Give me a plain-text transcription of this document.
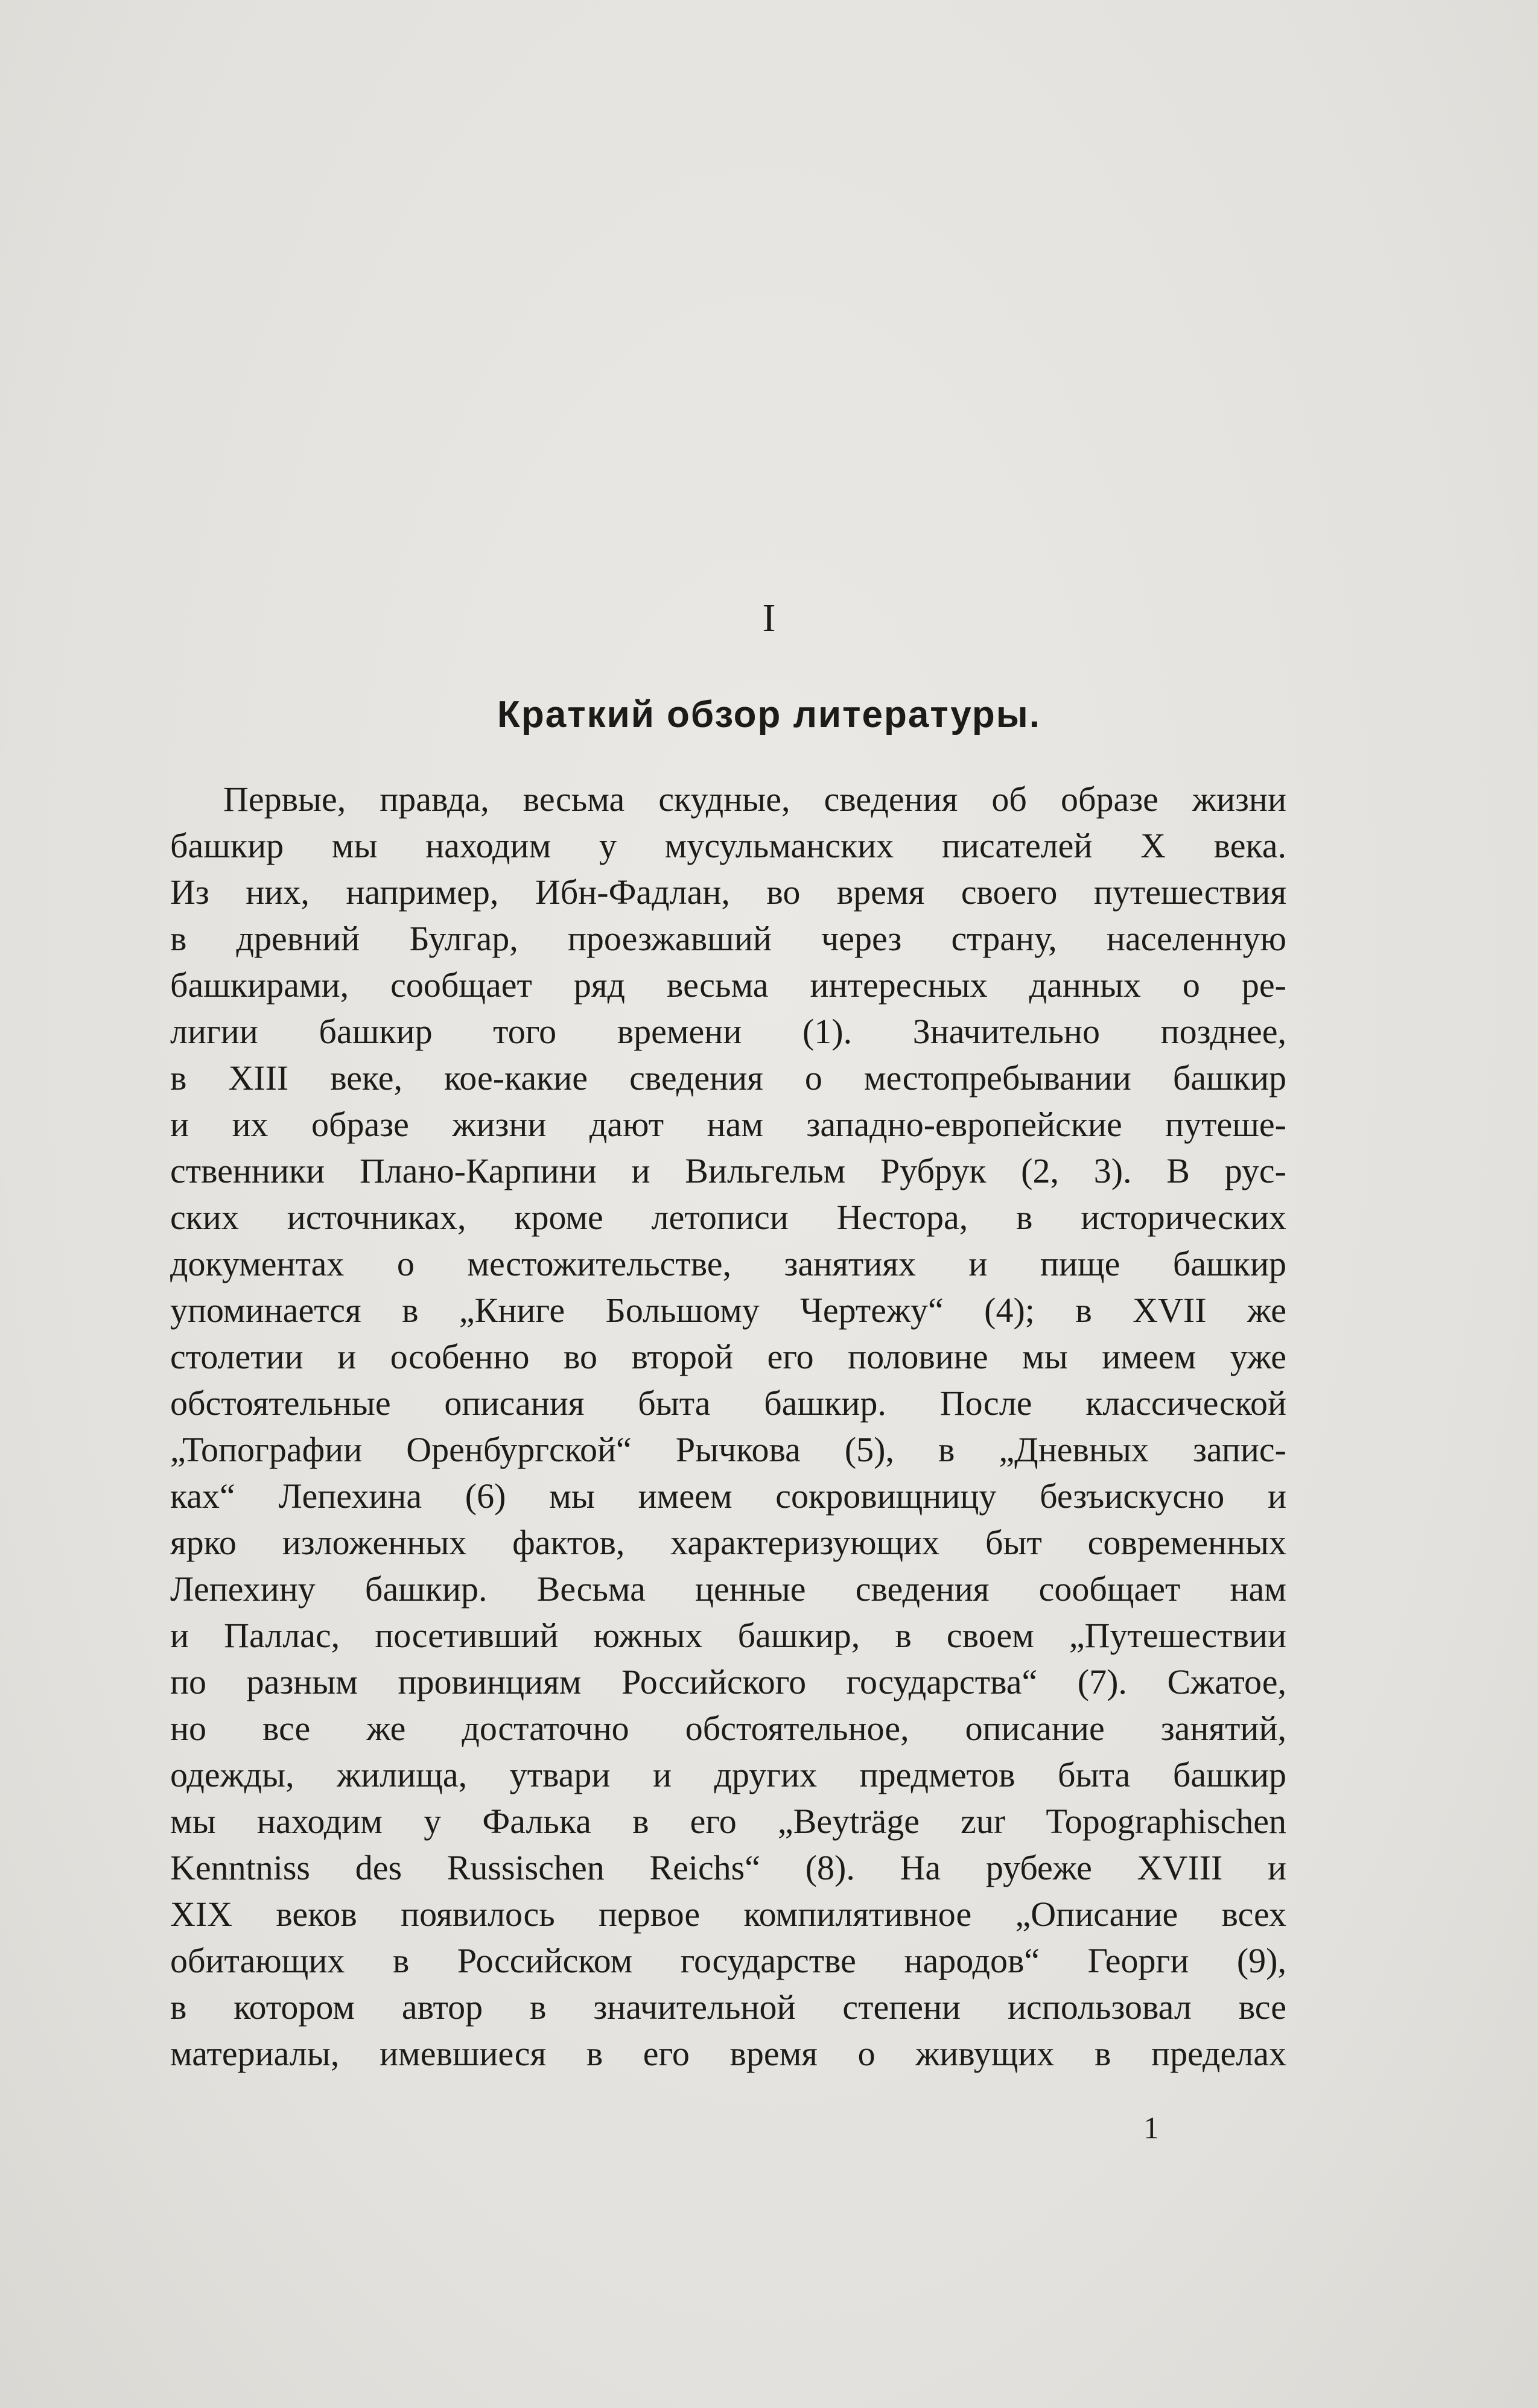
I
Краткий обзор литературы.
Первые, правда, весьма скудные, сведения об образе жизни
башкир мы находим у мусульманских писателей X века.
Из них, например, Ибн-Фадлан, во время своего путешествия
в древний Булгар, проезжавший через страну, населенную
башкирами, сообщает ряд весьма интересных данных о ре-
лигии башкир того времени (1). Значительно позднее,
в XIII веке, кое-какие сведения о местопребывании башкир
и их образе жизни дают нам западно-европейские путеше-
ственники Плано-Карпини и Вильгельм Рубрук (2, 3). В рус-
ских источниках, кроме летописи Нестора, в исторических
документах о местожительстве, занятиях и пище башкир
упоминается в „Книге Большому Чертежу“ (4); в XVII же
столетии и особенно во второй его половине мы имеем уже
обстоятельные описания быта башкир. После классической
„Топографии Оренбургской“ Рычкова (5), в „Дневных запис-
ках“ Лепехина (6) мы имеем сокровищницу безъискусно и
ярко изложенных фактов, характеризующих быт современных
Лепехину башкир. Весьма ценные сведения сообщает нам
и Паллас, посетивший южных башкир, в своем „Путешествии
по разным провинциям Российского государства“ (7). Сжатое,
но все же достаточно обстоятельное, описание занятий,
одежды, жилища, утвари и других предметов быта башкир
мы находим у Фалька в его „Beyträge zur Topographischen
Kenntniss des Russischen Reichs“ (8). На рубеже XVIII и
XIX веков появилось первое компилятивное „Описание всех
обитающих в Российском государстве народов“ Георги (9),
в котором автор в значительной степени использовал все
материалы, имевшиеся в его время о живущих в пределах
1
